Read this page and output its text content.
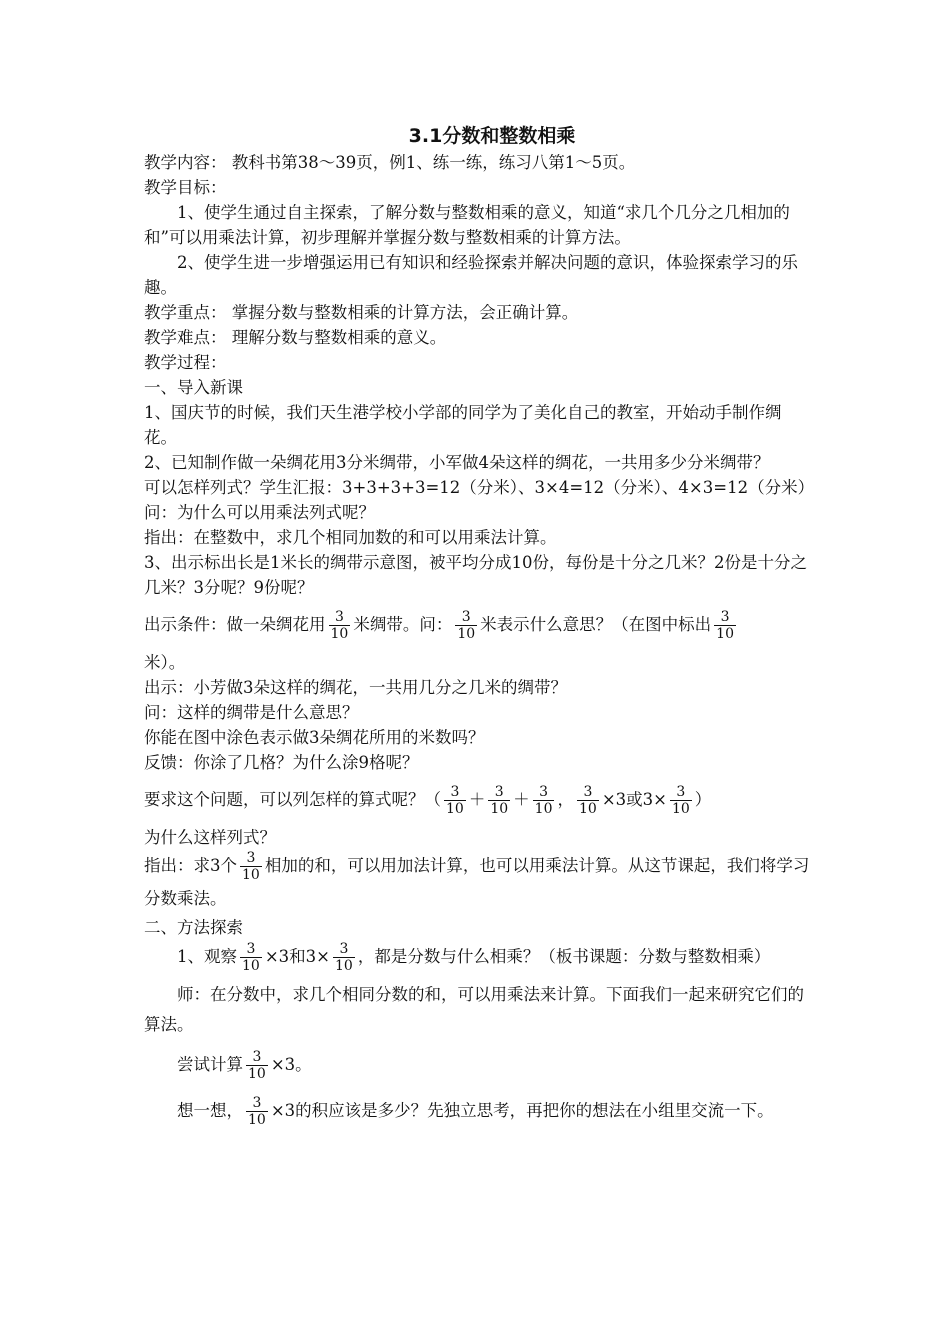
3.1分数和整数相乘

教学内容： 教科书第38～39页，例1、练一练，练习八第1～5页。

教学目标：

1、使学生通过自主探索，了解分数与整数相乘的意义，知道“求几个几分之几相加的和”可以用乘法计算，初步理解并掌握分数与整数相乘的计算方法。

2、使学生进一步增强运用已有知识和经验探索并解决问题的意识，体验探索学习的乐趣。

教学重点： 掌握分数与整数相乘的计算方法，会正确计算。

教学难点： 理解分数与整数相乘的意义。

教学过程：

一、导入新课

1、国庆节的时候，我们天生港学校小学部的同学为了美化自己的教室，开始动手制作绸花。

2、已知制作做一朵绸花用3分米绸带，小军做4朵这样的绸花，一共用多少分米绸带？

可以怎样列式？学生汇报：3+3+3+3=12（分米）、3×4=12（分米）、4×3=12（分米）

问：为什么可以用乘法列式呢？

指出：在整数中，求几个相同加数的和可以用乘法计算。

3、出示标出长是1米长的绸带示意图，被平均分成10份，每份是十分之几米？2份是十分之几米？3分呢？9份呢？

出示条件：做一朵绸花用 $\frac{3}{10}$ 米绸带。问： $\frac{3}{10}$ 米表示什么意思？（在图中标出 $\frac{3}{10}$

米）。

出示：小芳做3朵这样的绸花，一共用几分之几米的绸带？

问：这样的绸带是什么意思？

你能在图中涂色表示做3朵绸花所用的米数吗？

反馈：你涂了几格？为什么涂9格呢？

要求这个问题，可以列怎样的算式呢？（ $\frac{3}{10} + \frac{3}{10} + \frac{3}{10}$ ， $\frac{3}{10} \times 3$或$3\times \frac{3}{10}$ ）

为什么这样列式？

指出：求3个 $\frac{3}{10}$ 相加的和，可以用加法计算，也可以用乘法计算。从这节课起，我们将学习分数乘法。

二、方法探索

1、观察 $\frac{3}{10} \times 3$和$3\times \frac{3}{10}$ ，都是分数与什么相乘？（板书课题：分数与整数相乘）

师：在分数中，求几个相同分数的和，可以用乘法来计算。下面我们一起来研究它们的算法。

尝试计算 $\frac{3}{10} \times 3$。

想一想， $\frac{3}{10} \times 3$的积应该是多少？先独立思考，再把你的想法在小组里交流一下。
